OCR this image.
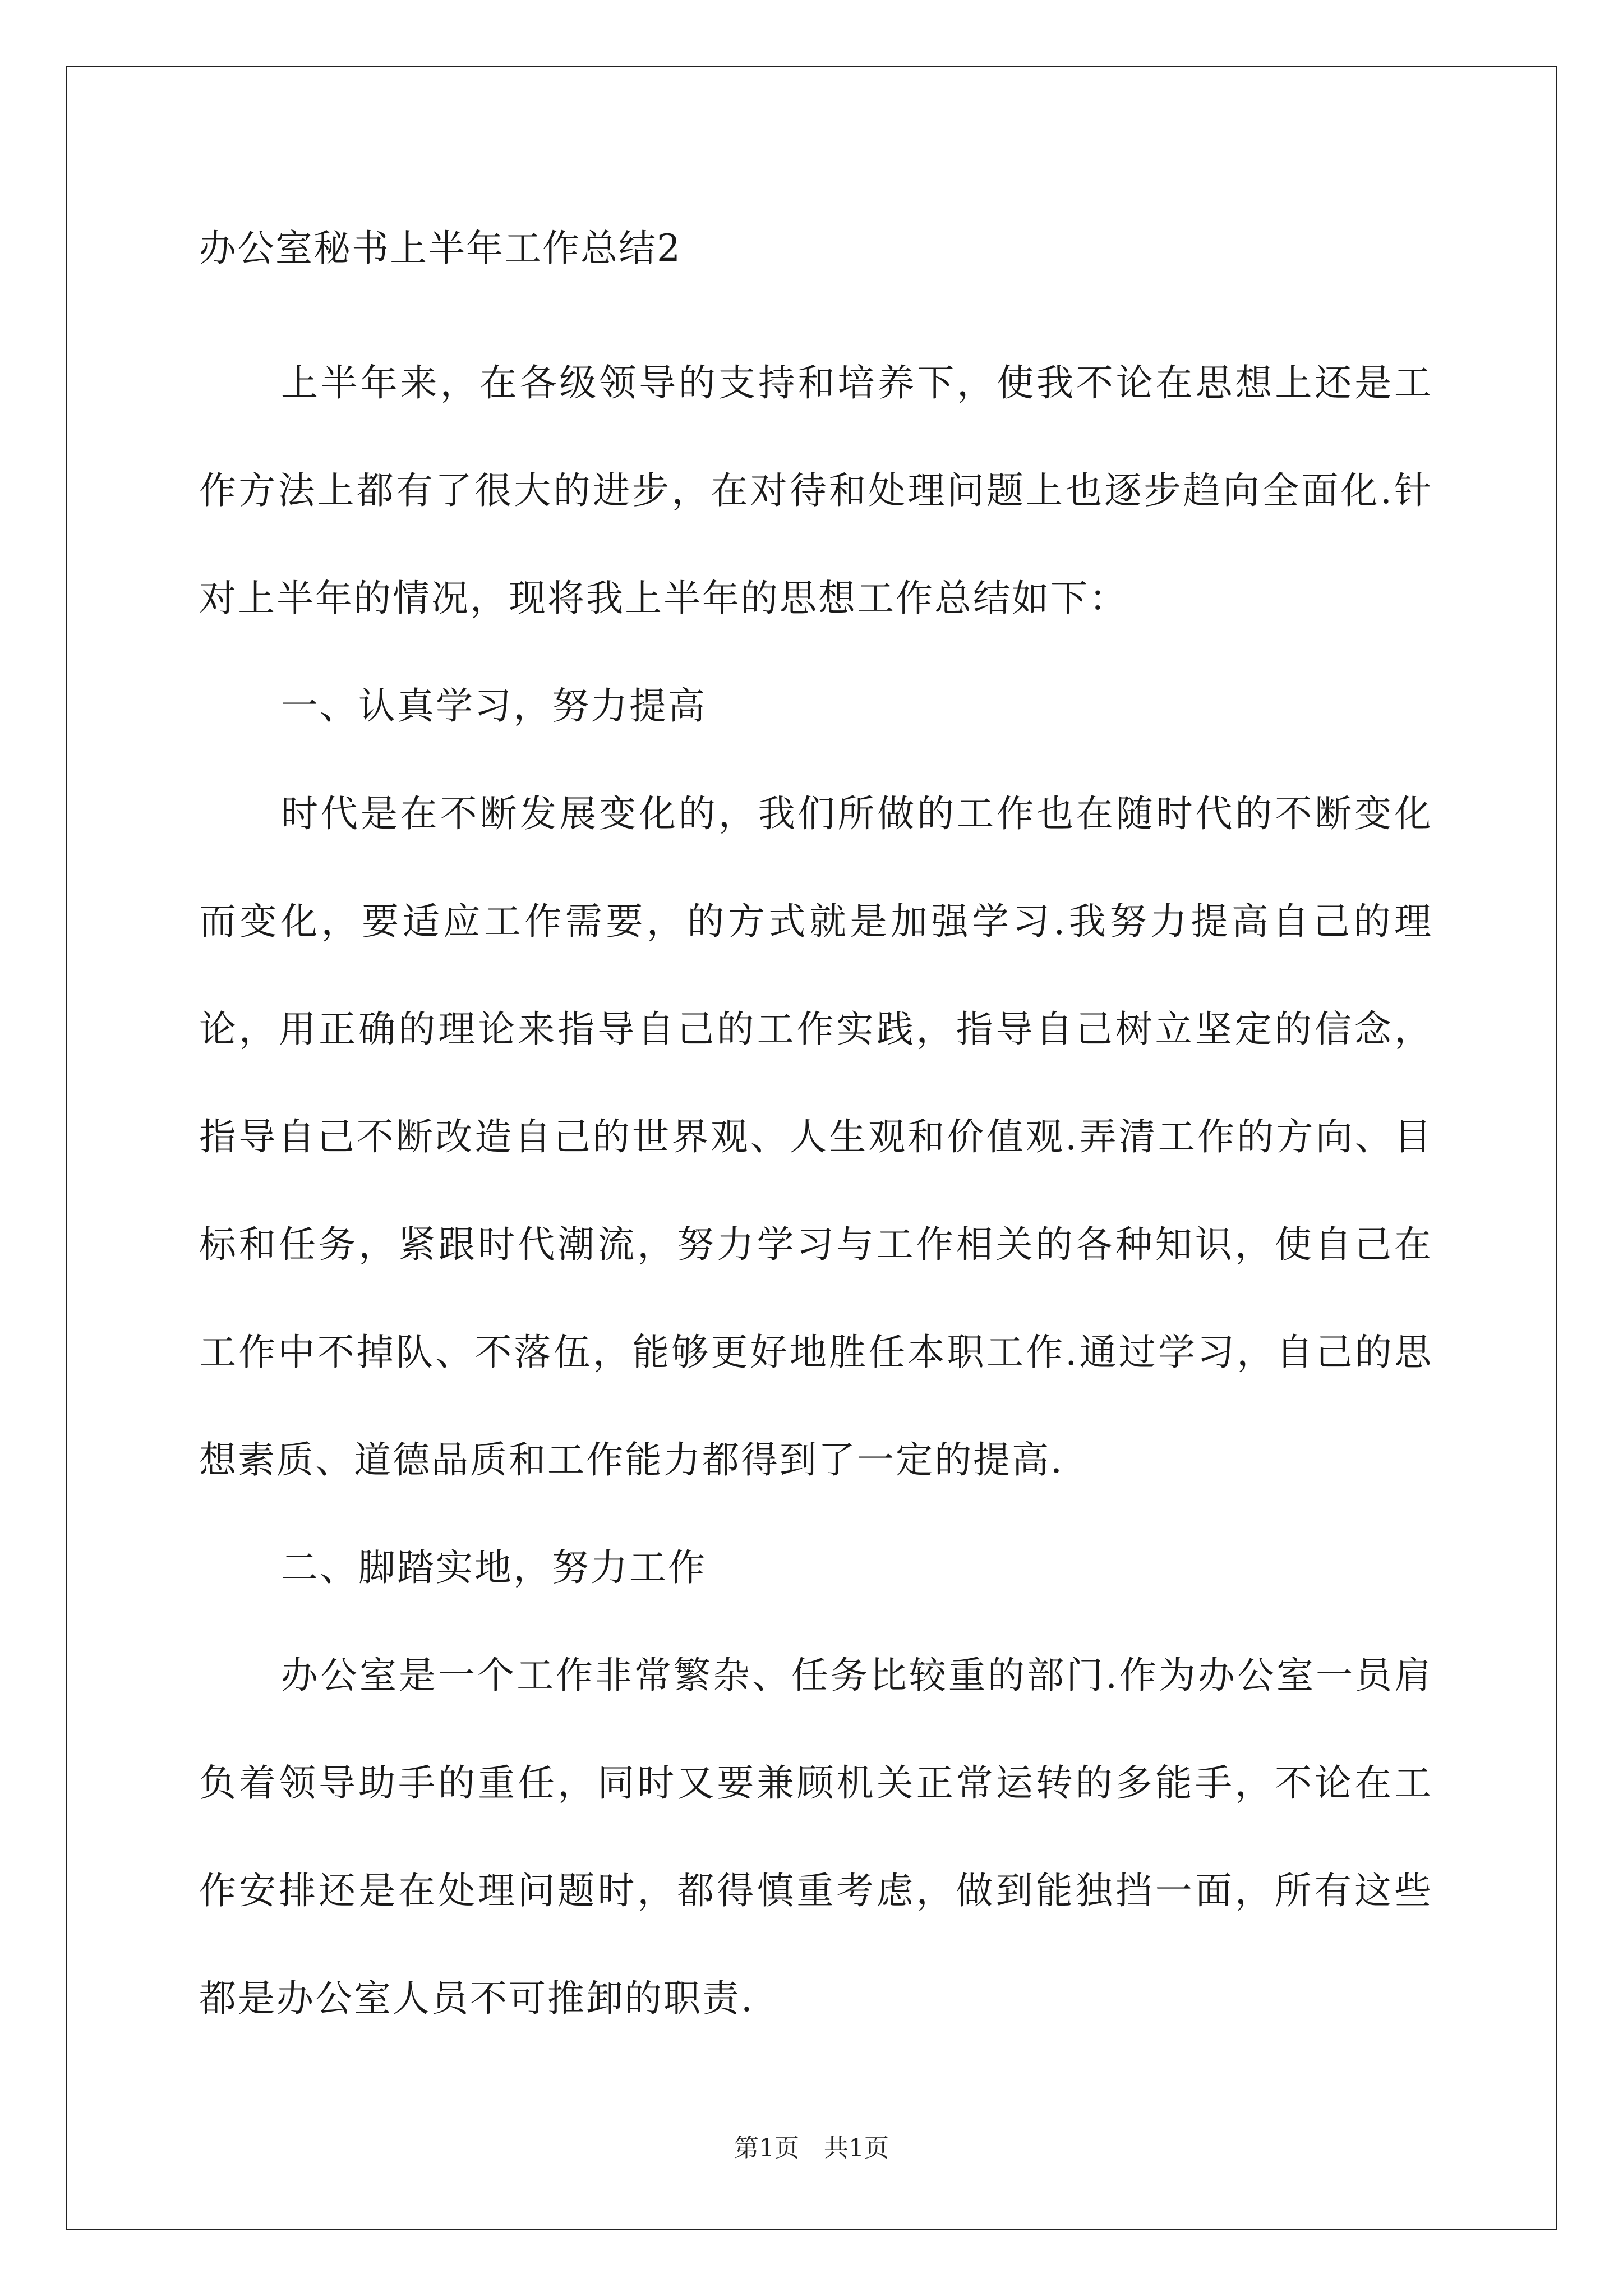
办公室秘书上半年工作总结2

上半年来，在各级领导的支持和培养下，使我不论在思想上还是工作方法上都有了很大的进步，在对待和处理问题上也逐步趋向全面化.针对上半年的情况，现将我上半年的思想工作总结如下：

一、认真学习，努力提高

时代是在不断发展变化的，我们所做的工作也在随时代的不断变化而变化，要适应工作需要，的方式就是加强学习.我努力提高自己的理论，用正确的理论来指导自己的工作实践，指导自己树立坚定的信念，指导自己不断改造自己的世界观、人生观和价值观.弄清工作的方向、目标和任务，紧跟时代潮流，努力学习与工作相关的各种知识，使自己在工作中不掉队、不落伍，能够更好地胜任本职工作.通过学习，自己的思想素质、道德品质和工作能力都得到了一定的提高.

二、脚踏实地，努力工作

办公室是一个工作非常繁杂、任务比较重的部门.作为办公室一员肩负着领导助手的重任，同时又要兼顾机关正常运转的多能手，不论在工作安排还是在处理问题时，都得慎重考虑，做到能独挡一面，所有这些都是办公室人员不可推卸的职责.

第1页　共1页
